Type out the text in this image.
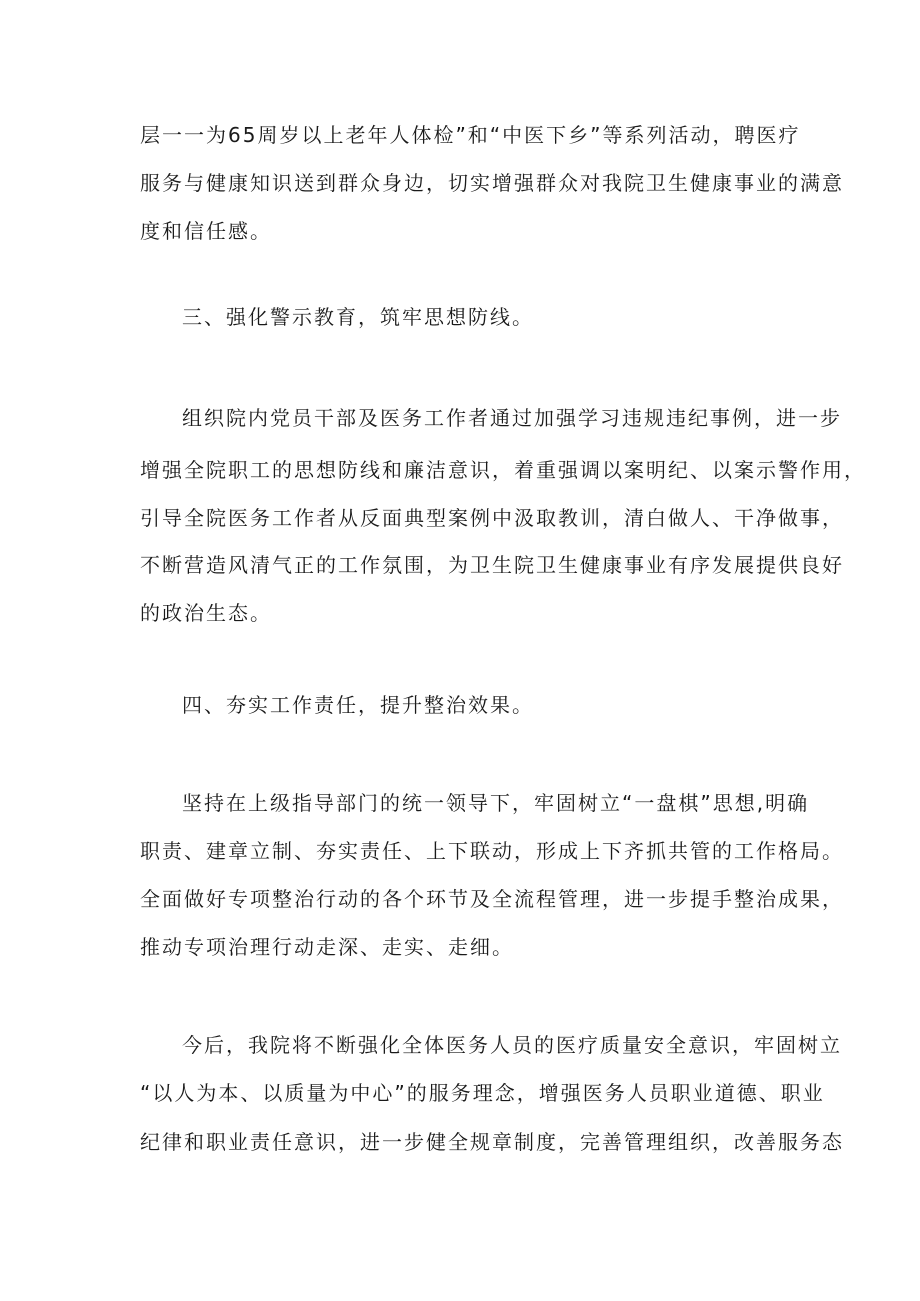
层一一为65周岁以上老年人体检”和“中医下乡”等系列活动，聘医疗
服务与健康知识送到群众身边，切实增强群众对我院卫生健康事业的满意
度和信任感。
三、强化警示教育，筑牢思想防线。
组织院内党员干部及医务工作者通过加强学习违规违纪事例，进一步
增强全院职工的思想防线和廉洁意识，着重强调以案明纪、以案示警作用，
引导全院医务工作者从反面典型案例中汲取教训，清白做人、干净做事，
不断营造风清气正的工作氛围，为卫生院卫生健康事业有序发展提供良好
的政治生态。
四、夯实工作责任，提升整治效果。
坚持在上级指导部门的统一领导下，牢固树立“一盘棋”思想,明确
职责、建章立制、夯实责任、上下联动，形成上下齐抓共管的工作格局。
全面做好专项整治行动的各个环节及全流程管理，进一步提手整治成果，
推动专项治理行动走深、走实、走细。
今后，我院将不断强化全体医务人员的医疗质量安全意识，牢固树立
“以人为本、以质量为中心”的服务理念，增强医务人员职业道德、职业
纪律和职业责任意识，进一步健全规章制度，完善管理组织，改善服务态
